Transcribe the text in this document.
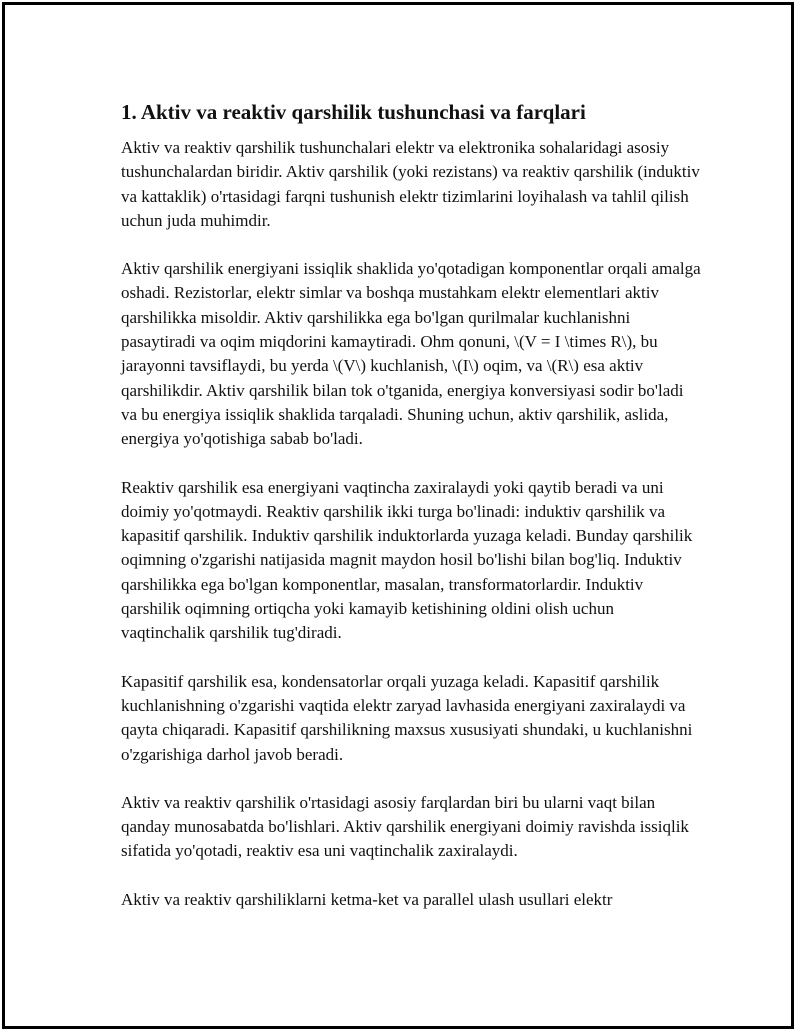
1. Aktiv va reaktiv qarshilik tushunchasi va farqlari

Aktiv va reaktiv qarshilik tushunchalari elektr va elektronika sohalaridagi asosiy tushunchalardan biridir. Aktiv qarshilik (yoki rezistans) va reaktiv qarshilik (induktiv va kattaklik) o'rtasidagi farqni tushunish elektr tizimlarini loyihalash va tahlil qilish uchun juda muhimdir.

Aktiv qarshilik energiyani issiqlik shaklida yo'qotadigan komponentlar orqali amalga oshadi. Rezistorlar, elektr simlar va boshqa mustahkam elektr elementlari aktiv qarshilikka misoldir. Aktiv qarshilikka ega bo'lgan qurilmalar kuchlanishni pasaytiradi va oqim miqdorini kamaytiradi. Ohm qonuni, \(V = I \times R\), bu jarayonni tavsiflaydi, bu yerda \(V\) kuchlanish, \(I\) oqim, va \(R\) esa aktiv qarshilikdir. Aktiv qarshilik bilan tok o'tganida, energiya konversiyasi sodir bo'ladi va bu energiya issiqlik shaklida tarqaladi. Shuning uchun, aktiv qarshilik, aslida, energiya yo'qotishiga sabab bo'ladi.

Reaktiv qarshilik esa energiyani vaqtincha zaxiralaydi yoki qaytib beradi va uni doimiy yo'qotmaydi. Reaktiv qarshilik ikki turga bo'linadi: induktiv qarshilik va kapasitif qarshilik. Induktiv qarshilik induktorlarda yuzaga keladi. Bunday qarshilik oqimning o'zgarishi natijasida magnit maydon hosil bo'lishi bilan bog'liq. Induktiv qarshilikka ega bo'lgan komponentlar, masalan, transformatorlardir. Induktiv qarshilik oqimning ortiqcha yoki kamayib ketishining oldini olish uchun vaqtinchalik qarshilik tug'diradi.

Kapasitif qarshilik esa, kondensatorlar orqali yuzaga keladi. Kapasitif qarshilik kuchlanishning o'zgarishi vaqtida elektr zaryad lavhasida energiyani zaxiralaydi va qayta chiqaradi. Kapasitif qarshilikning maxsus xususiyati shundaki, u kuchlanishni o'zgarishiga darhol javob beradi.

Aktiv va reaktiv qarshilik o'rtasidagi asosiy farqlardan biri bu ularni vaqt bilan qanday munosabatda bo'lishlari. Aktiv qarshilik energiyani doimiy ravishda issiqlik sifatida yo'qotadi, reaktiv esa uni vaqtinchalik zaxiralaydi.

Aktiv va reaktiv qarshiliklarni ketma-ket va parallel ulash usullari elektr
